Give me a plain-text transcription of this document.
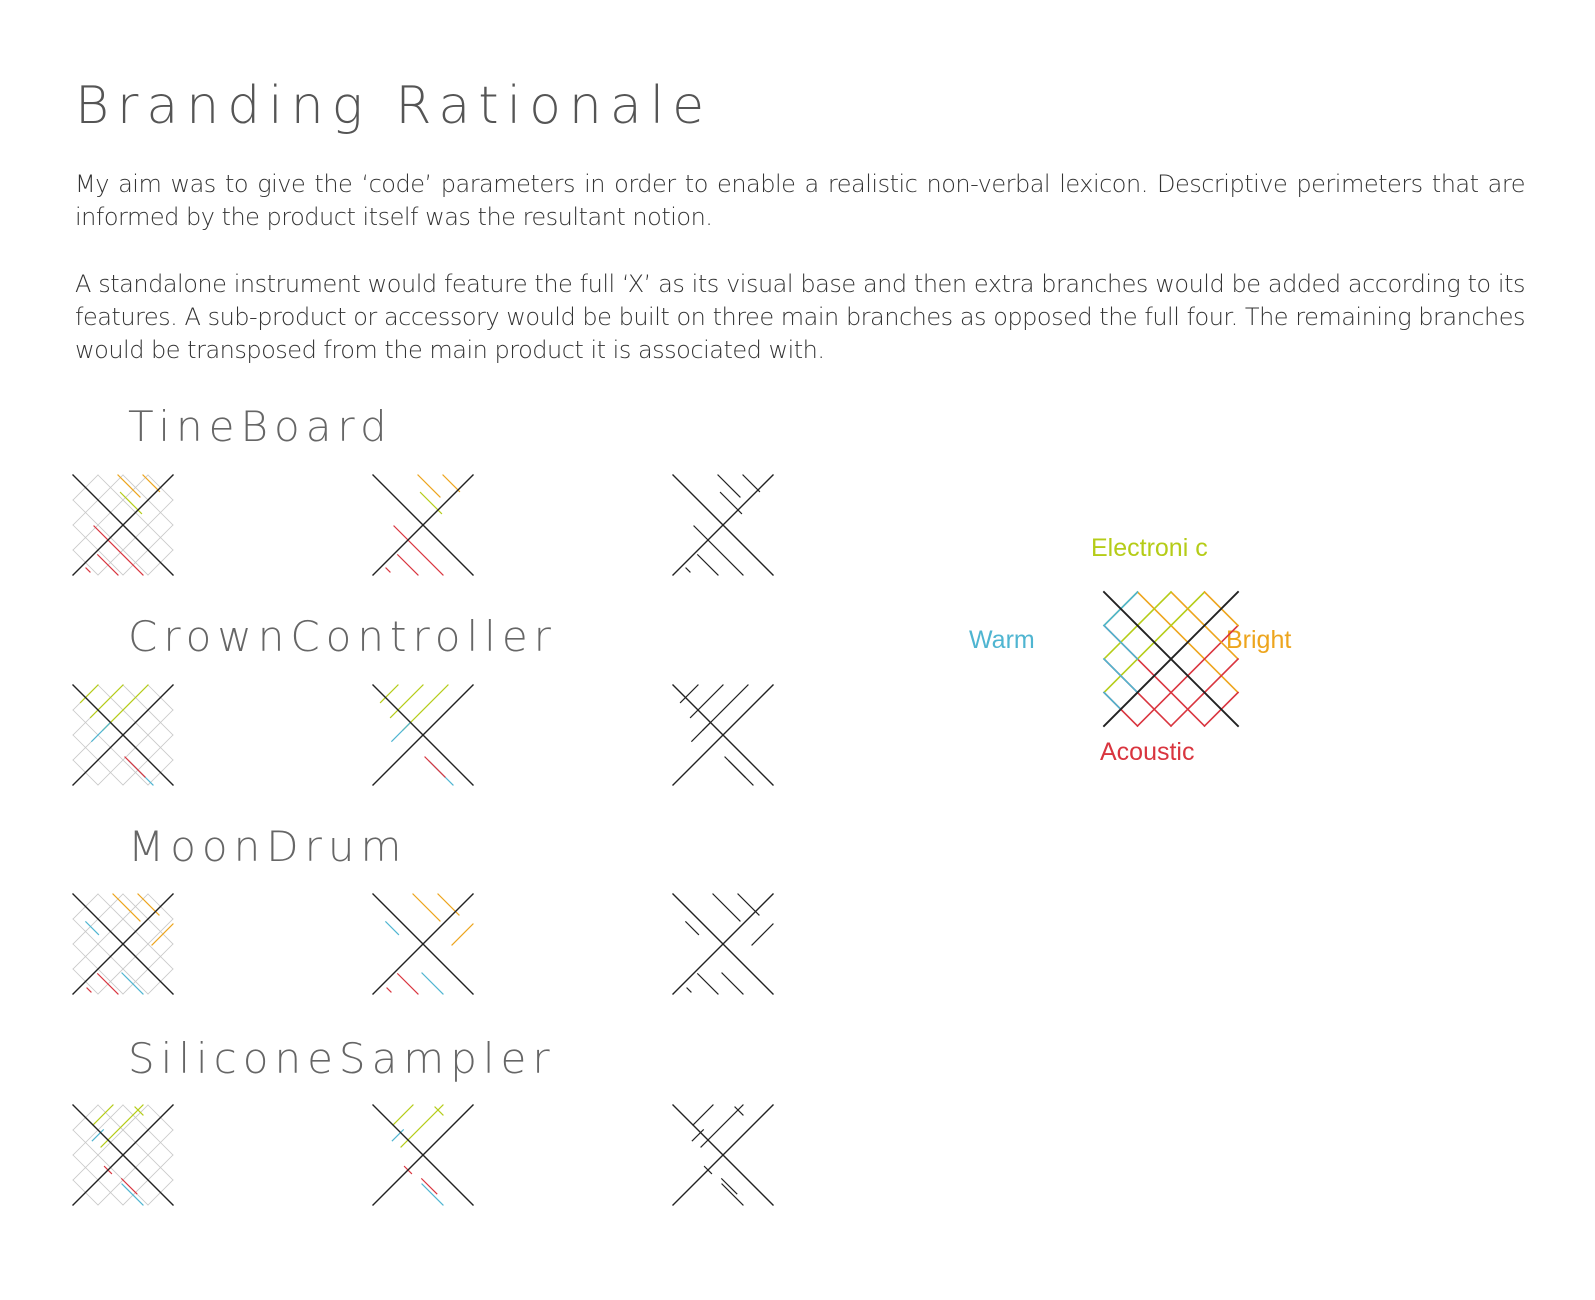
Branding Rationale

My aim was to give the ‘code’ parameters in order to enable a realistic non-verbal lexicon. Descriptive perimeters that are informed by the product itself was the resultant notion.

A standalone instrument would feature the full ‘X’ as its visual base and then extra branches would be added according to its features. A sub-product or accessory would be built on three main branches as opposed the full four. The remaining branches would be transposed from the main product it is associated with.

TineBoard
CrownController
MoonDrum
SiliconeSampler

Electroni c

Warm	Bright

Acoustic
